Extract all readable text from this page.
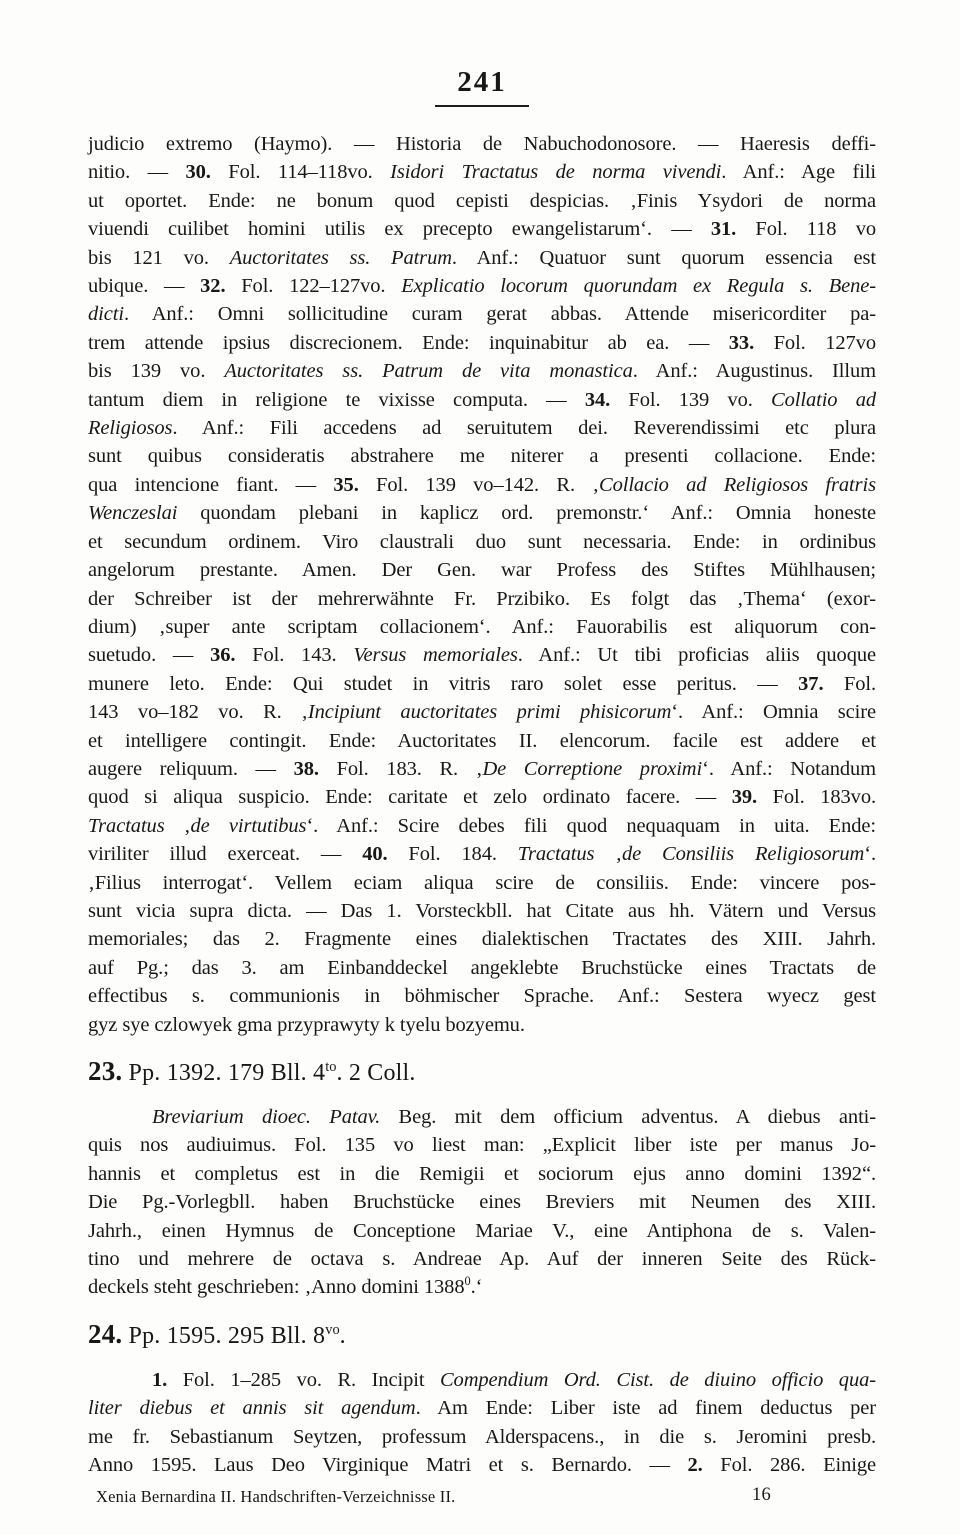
241
judicio extremo (Haymo). — Historia de Nabuchodonosore. — Haeresis deffi-
nitio. — 30. Fol. 114–118vo. Isidori Tractatus de norma vivendi. Anf.: Age fili
ut oportet. Ende: ne bonum quod cepisti despicias. ‚Finis Ysydori de norma
viuendi cuilibet homini utilis ex precepto ewangelistarum‘. — 31. Fol. 118 vo
bis 121 vo. Auctoritates ss. Patrum. Anf.: Quatuor sunt quorum essencia est
ubique. — 32. Fol. 122–127vo. Explicatio locorum quorundam ex Regula s. Bene-
dicti. Anf.: Omni sollicitudine curam gerat abbas. Attende misericorditer pa-
trem attende ipsius discrecionem. Ende: inquinabitur ab ea. — 33. Fol. 127vo
bis 139 vo. Auctoritates ss. Patrum de vita monastica. Anf.: Augustinus. Illum
tantum diem in religione te vixisse computa. — 34. Fol. 139 vo. Collatio ad
Religiosos. Anf.: Fili accedens ad seruitutem dei. Reverendissimi etc plura
sunt quibus consideratis abstrahere me niterer a presenti collacione. Ende:
qua intencione fiant. — 35. Fol. 139 vo–142. R. ‚Collacio ad Religiosos fratris
Wenczeslai quondam plebani in kaplicz ord. premonstr.‘ Anf.: Omnia honeste
et secundum ordinem. Viro claustrali duo sunt necessaria. Ende: in ordinibus
angelorum prestante. Amen. Der Gen. war Profess des Stiftes Mühlhausen;
der Schreiber ist der mehrerwähnte Fr. Przibiko. Es folgt das ‚Thema‘ (exor-
dium) ‚super ante scriptam collacionem‘. Anf.: Fauorabilis est aliquorum con-
suetudo. — 36. Fol. 143. Versus memoriales. Anf.: Ut tibi proficias aliis quoque
munere leto. Ende: Qui studet in vitris raro solet esse peritus. — 37. Fol.
143 vo–182 vo. R. ‚Incipiunt auctoritates primi phisicorum‘. Anf.: Omnia scire
et intelligere contingit. Ende: Auctoritates II. elencorum. facile est addere et
augere reliquum. — 38. Fol. 183. R. ‚De Correptione proximi‘. Anf.: Notandum
quod si aliqua suspicio. Ende: caritate et zelo ordinato facere. — 39. Fol. 183vo.
Tractatus ‚de virtutibus‘. Anf.: Scire debes fili quod nequaquam in uita. Ende:
viriliter illud exerceat. — 40. Fol. 184. Tractatus ‚de Consiliis Religiosorum‘.
‚Filius interrogat‘. Vellem eciam aliqua scire de consiliis. Ende: vincere pos-
sunt vicia supra dicta. — Das 1. Vorsteckbll. hat Citate aus hh. Vätern und Versus
memoriales; das 2. Fragmente eines dialektischen Tractates des XIII. Jahrh.
auf Pg.; das 3. am Einbanddeckel angeklebte Bruchstücke eines Tractats de
effectibus s. communionis in böhmischer Sprache. Anf.: Sestera wyecz gest
gyz sye czlowyek gma przyprawyty k tyelu bozyemu.
23. Pp. 1392. 179 Bll. $4^{to}$. 2 Coll.
Breviarium dioec. Patav. Beg. mit dem officium adventus. A diebus anti-
quis nos audiuimus. Fol. 135 vo liest man: „Explicit liber iste per manus Jo-
hannis et completus est in die Remigii et sociorum ejus anno domini 1392“.
Die Pg.-Vorlegbll. haben Bruchstücke eines Breviers mit Neumen des XIII.
Jahrh., einen Hymnus de Conceptione Mariae V., eine Antiphona de s. Valen-
tino und mehrere de octava s. Andreae Ap. Auf der inneren Seite des Rück-
deckels steht geschrieben: ‚Anno domini 1388$^0$.‘
24. Pp. 1595. 295 Bll. $8^{vo}$.
1. Fol. 1–285 vo. R. Incipit Compendium Ord. Cist. de diuino officio qua-
liter diebus et annis sit agendum. Am Ende: Liber iste ad finem deductus per
me fr. Sebastianum Seytzen, professum Alderspacens., in die s. Jeromini presb.
Anno 1595. Laus Deo Virginique Matri et s. Bernardo. — 2. Fol. 286. Einige
Xenia Bernardina II. Handschriften-Verzeichnisse II.	16
